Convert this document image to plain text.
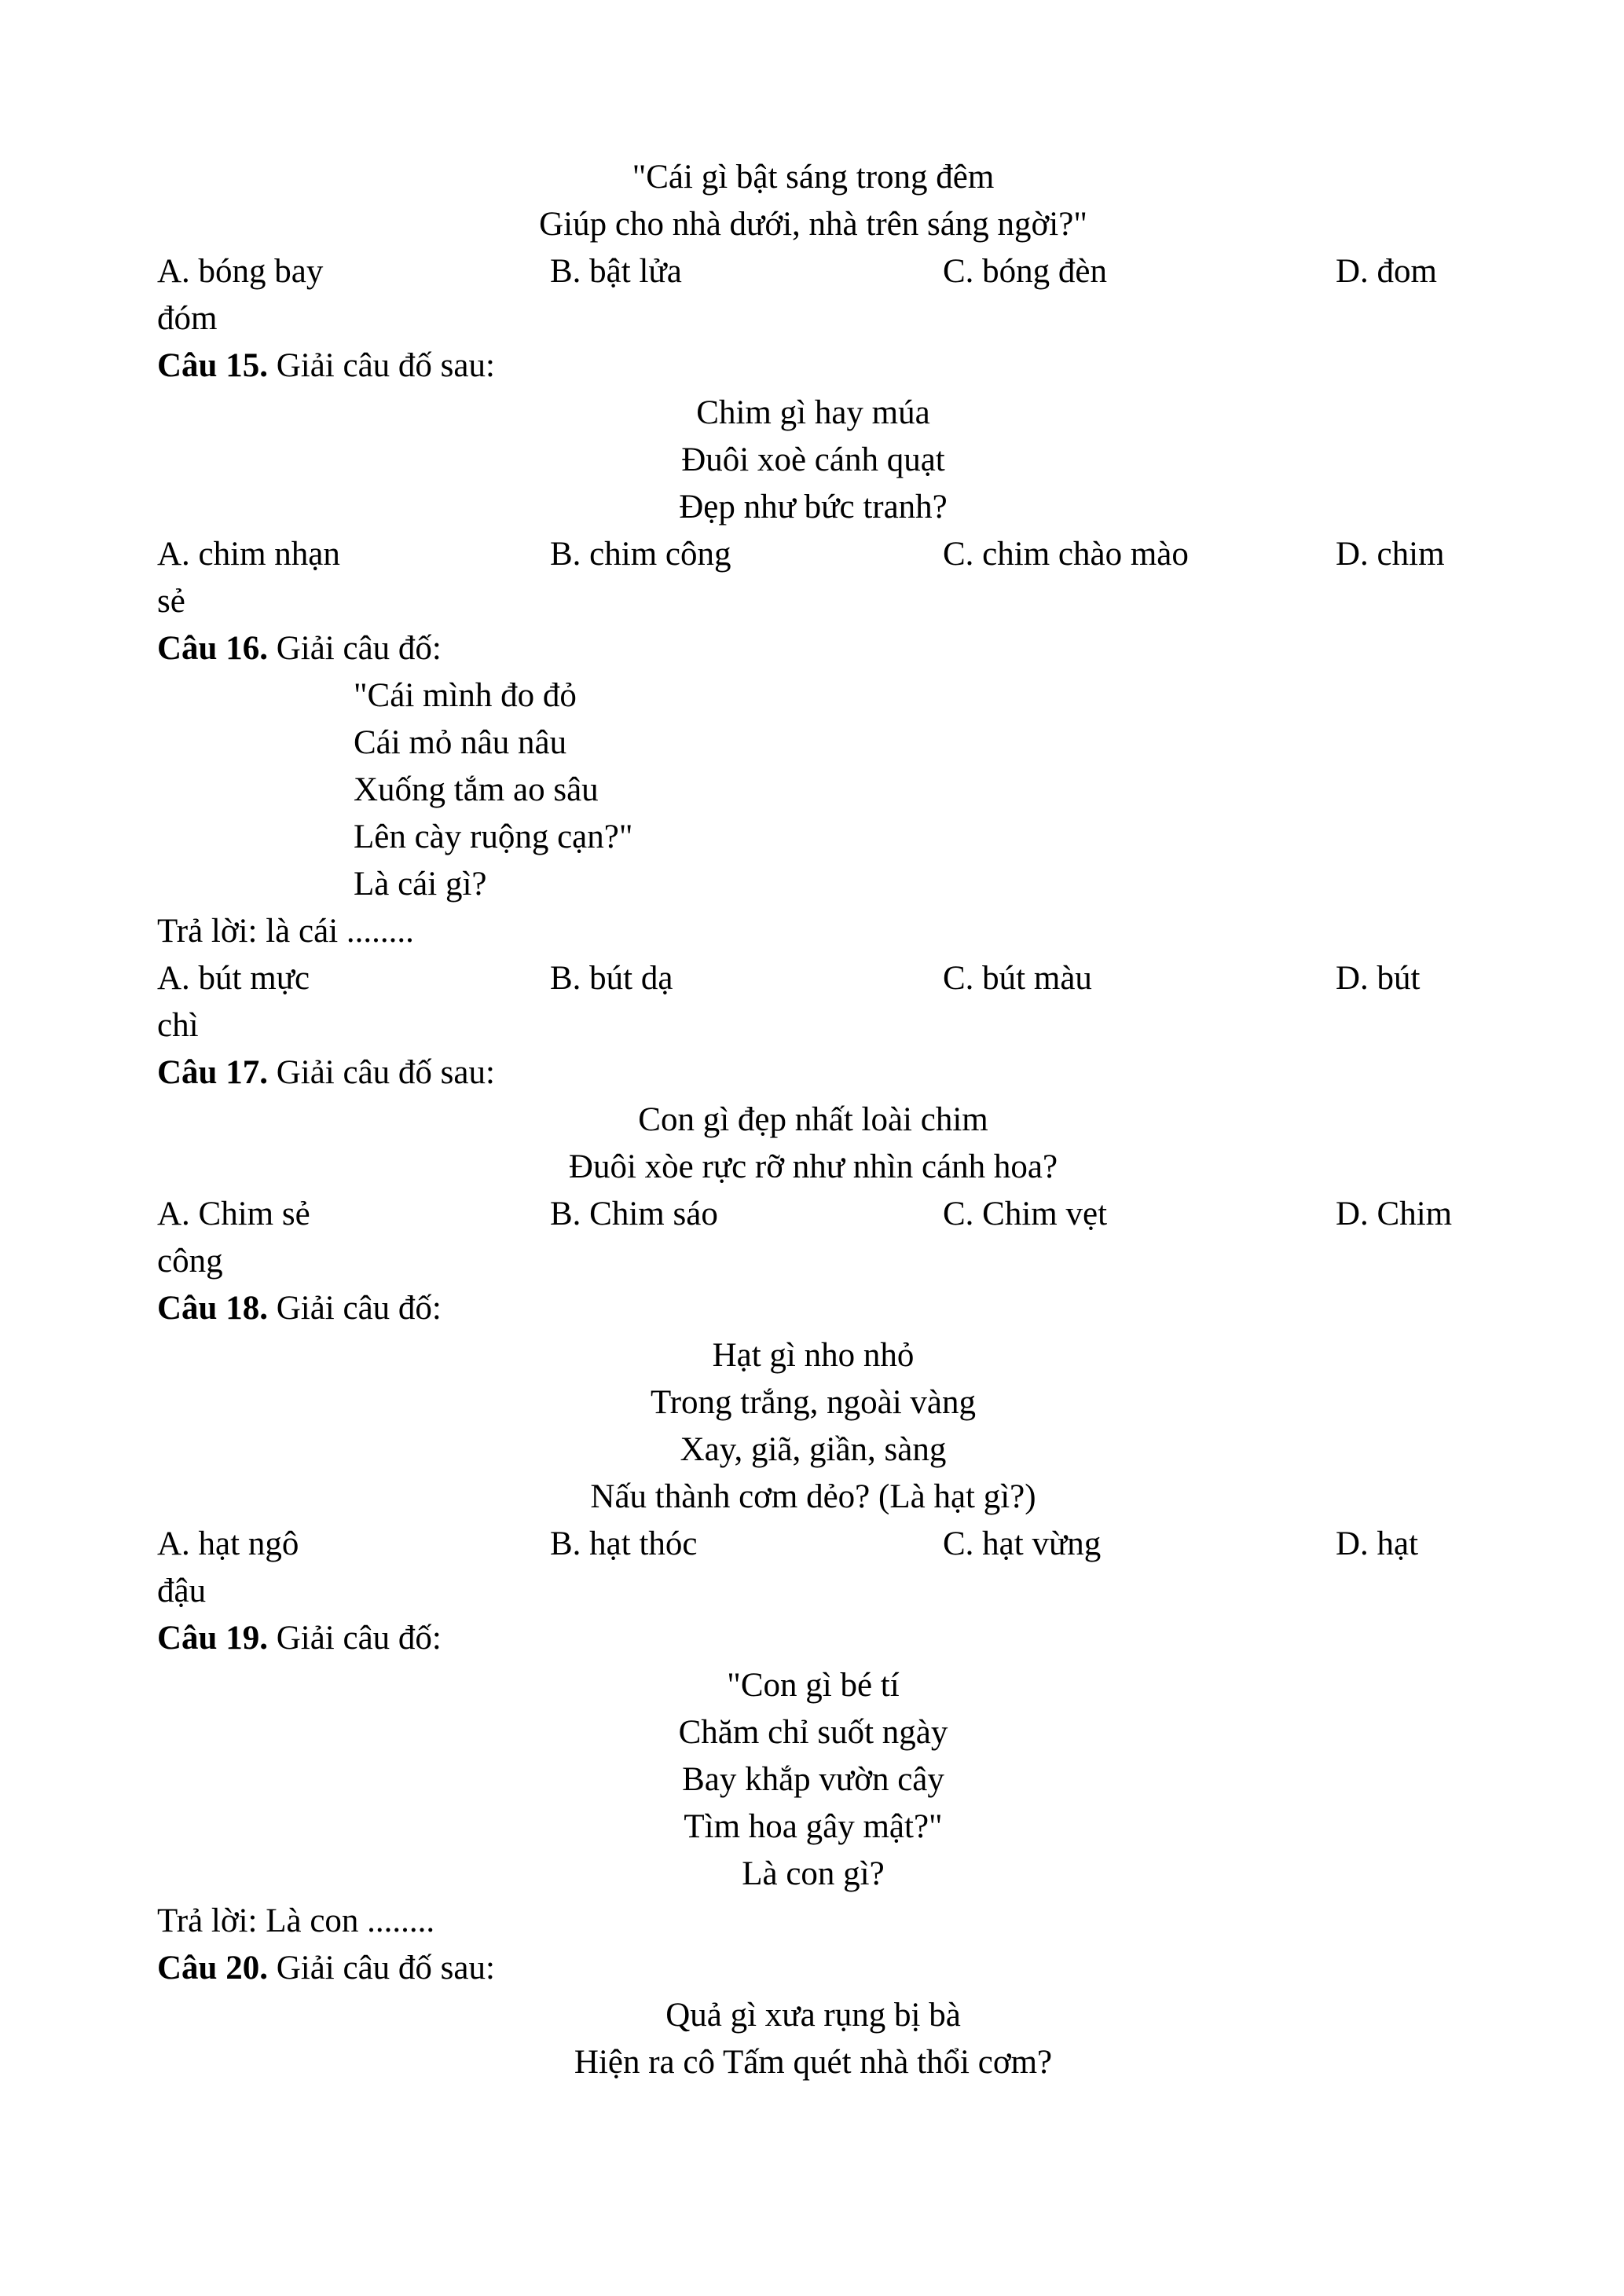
"Cái gì bật sáng trong đêm
Giúp cho nhà dưới, nhà trên sáng ngời?"
A. bóng bay	B. bật lửa	C. bóng đèn	D. đom
đóm
Câu 15. Giải câu đố sau:
Chim gì hay múa
Đuôi xoè cánh quạt
Đẹp như bức tranh?
A. chim nhạn	B. chim công	C. chim chào mào	D. chim
sẻ
Câu 16. Giải câu đố:
"Cái mình đo đỏ
Cái mỏ nâu nâu
Xuống tắm ao sâu
Lên cày ruộng cạn?"
Là cái gì?
Trả lời: là cái ........
A. bút mực	B. bút dạ	C. bút màu	D. bút
chì
Câu 17. Giải câu đố sau:
Con gì đẹp nhất loài chim
Đuôi xòe rực rỡ như nhìn cánh hoa?
A. Chim sẻ	B. Chim sáo	C. Chim vẹt	D. Chim
công
Câu 18. Giải câu đố:
Hạt gì nho nhỏ
Trong trắng, ngoài vàng
Xay, giã, giần, sàng
Nấu thành cơm dẻo? (Là hạt gì?)
A. hạt ngô	B. hạt thóc	C. hạt vừng	D. hạt
đậu
Câu 19. Giải câu đố:
"Con gì bé tí
Chăm chỉ suốt ngày
Bay khắp vườn cây
Tìm hoa gây mật?"
Là con gì?
Trả lời: Là con ........
Câu 20. Giải câu đố sau:
Quả gì xưa rụng bị bà
Hiện ra cô Tấm quét nhà thổi cơm?
